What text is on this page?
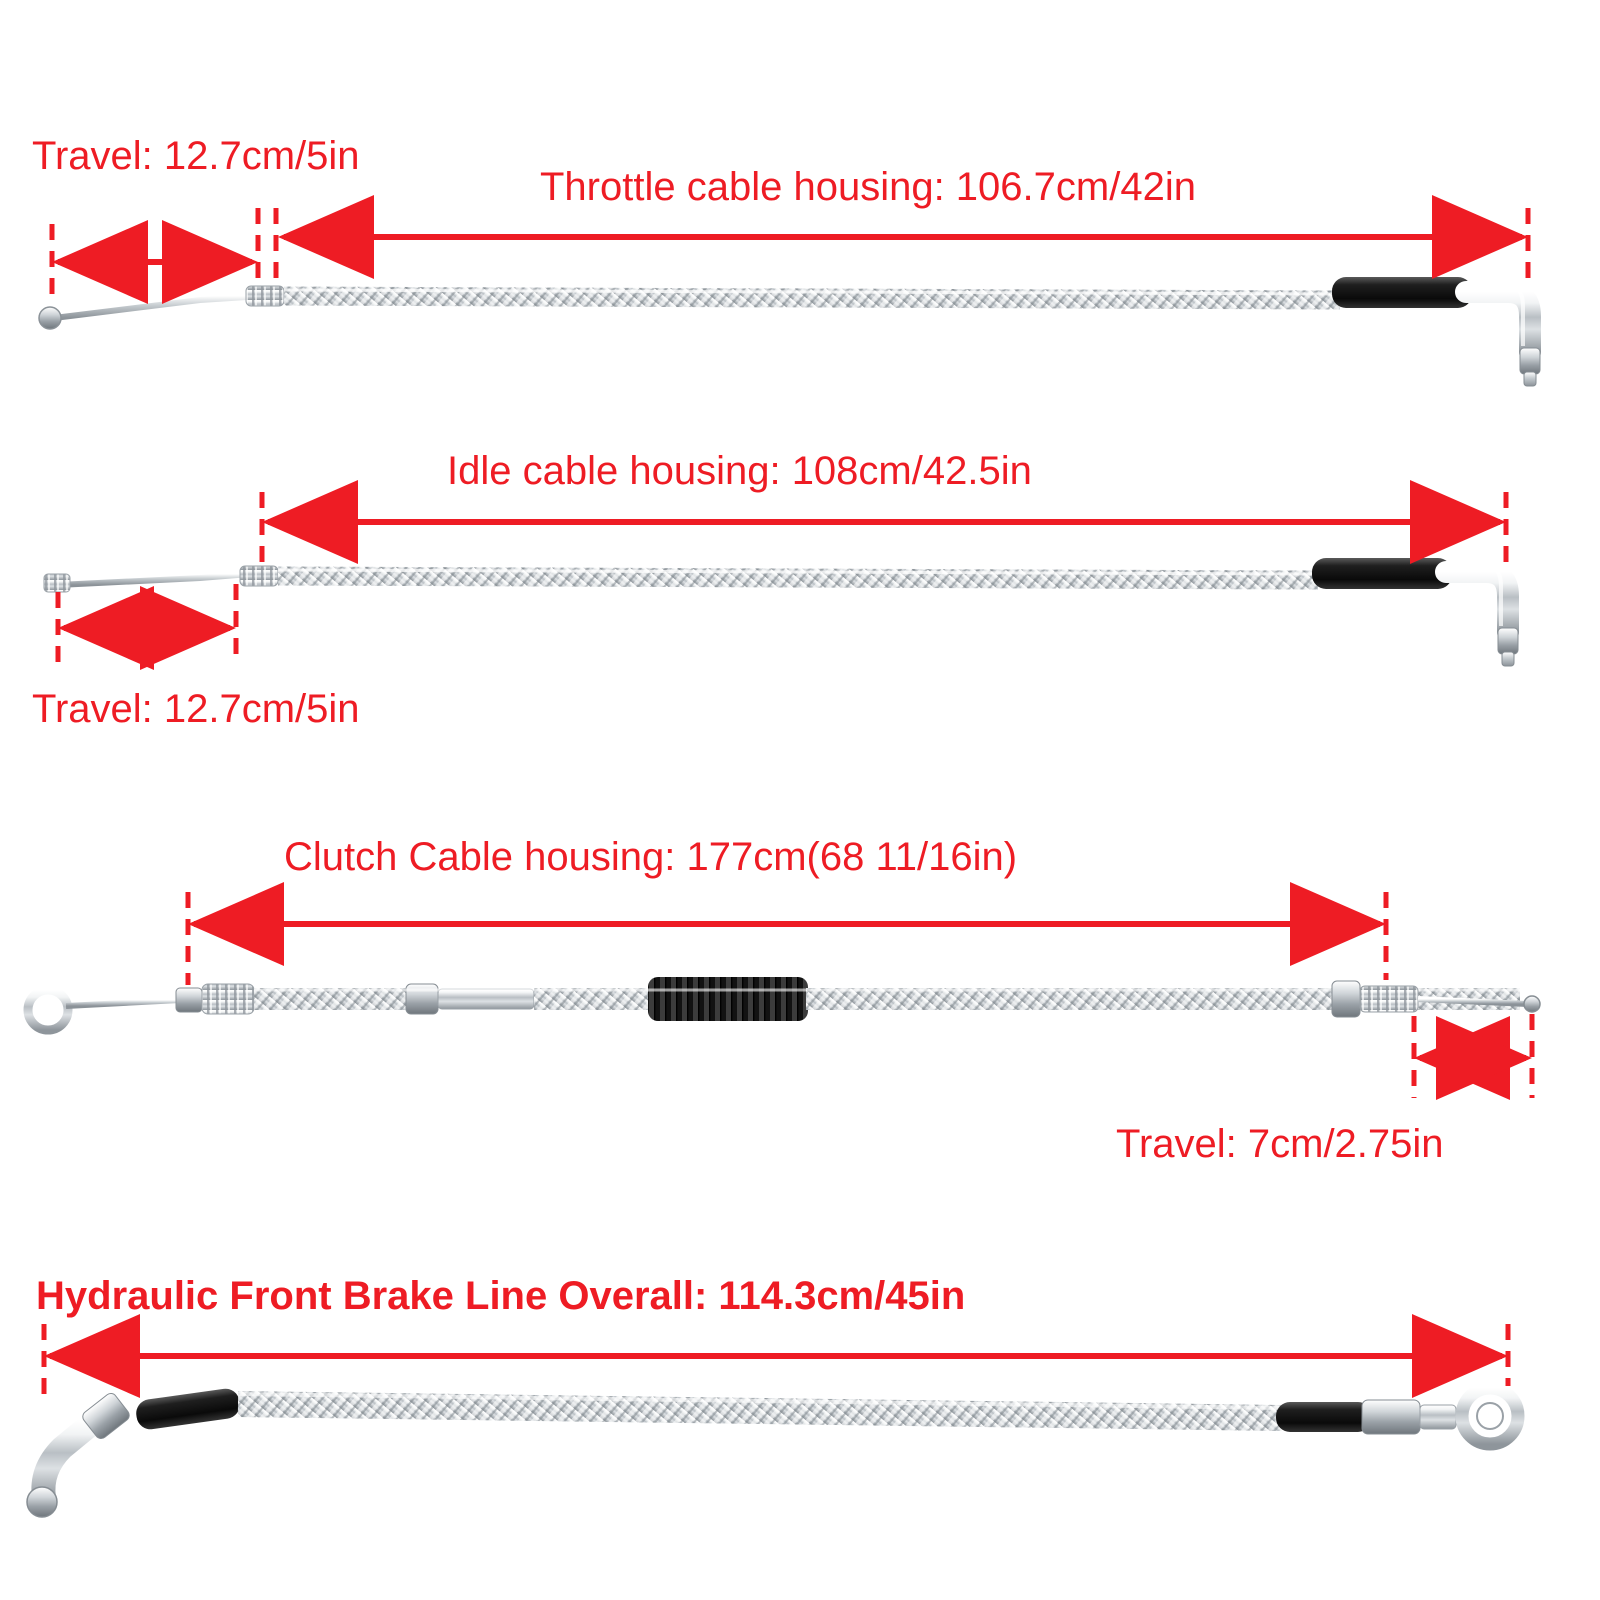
Travel: 12.7cm/5in
Throttle cable housing: 106.7cm/42in
Idle cable housing: 108cm/42.5in
Travel: 12.7cm/5in
Clutch Cable housing: 177cm(68 11/16in)
Travel: 7cm/2.75in
Hydraulic Front Brake Line Overall: 114.3cm/45in
